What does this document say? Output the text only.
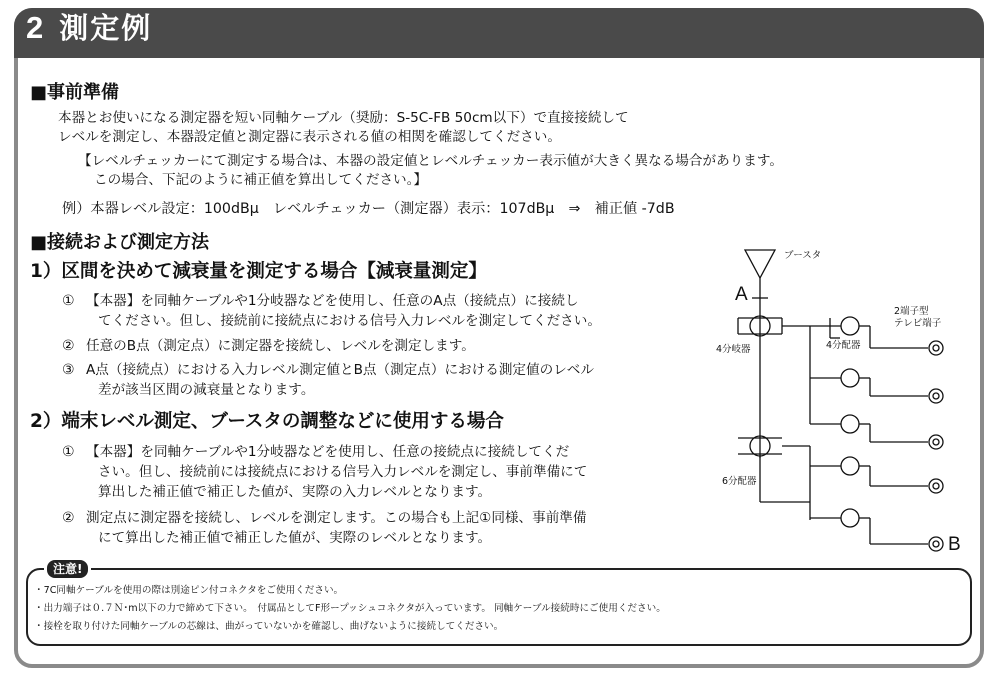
2 測定例
■事前準備
本器とお使いになる測定器を短い同軸ケーブル（奨励：S-5C-FB 50cm以下）で直接接続して
レベルを測定し、本器設定値と測定器に表示される値の相関を確認してください。
【レベルチェッカーにて測定する場合は、本器の設定値とレベルチェッカー表示値が大きく異なる場合があります。
この場合、下記のように補正値を算出してください。】
例）本器レベル設定：100dBμ　レベルチェッカー（測定器）表示：107dBμ　⇒　補正値 -7dB
■接続および測定方法
1）区間を決めて減衰量を測定する場合【減衰量測定】
① 【本器】を同軸ケーブルや1分岐器などを使用し、任意のA点（接続点）に接続し
てください。但し、接続前に接続点における信号入力レベルを測定してください。
② 任意のB点（測定点）に測定器を接続し、レベルを測定します。
③ A点（接続点）における入力レベル測定値とB点（測定点）における測定値のレベル
差が該当区間の減衰量となります。
2）端末レベル測定、ブースタの調整などに使用する場合
① 【本器】を同軸ケーブルや1分岐器などを使用し、任意の接続点に接続してくだ
さい。但し、接続前には接続点における信号入力レベルを測定し、事前準備にて
算出した補正値で補正した値が、実際の入力レベルとなります。
② 測定点に測定器を接続し、レベルを測定します。この場合も上記①同様、事前準備
にて算出した補正値で補正した値が、実際のレベルとなります。
ブースタ
A
4分岐器	4分配器
2端子型
テレビ端子
6分配器
B
注意!
・7C同軸ケーブルを使用の際は別途ピン付コネクタをご使用ください。
・出力端子は０.７Ｎ･m以下の力で締めて下さい。　付属品としてF形ープッシュコネクタが入っています。 同軸ケーブル接続時にご使用ください。
・接栓を取り付けた同軸ケーブルの芯線は、曲がっていないかを確認し、曲げないように接続してください。
